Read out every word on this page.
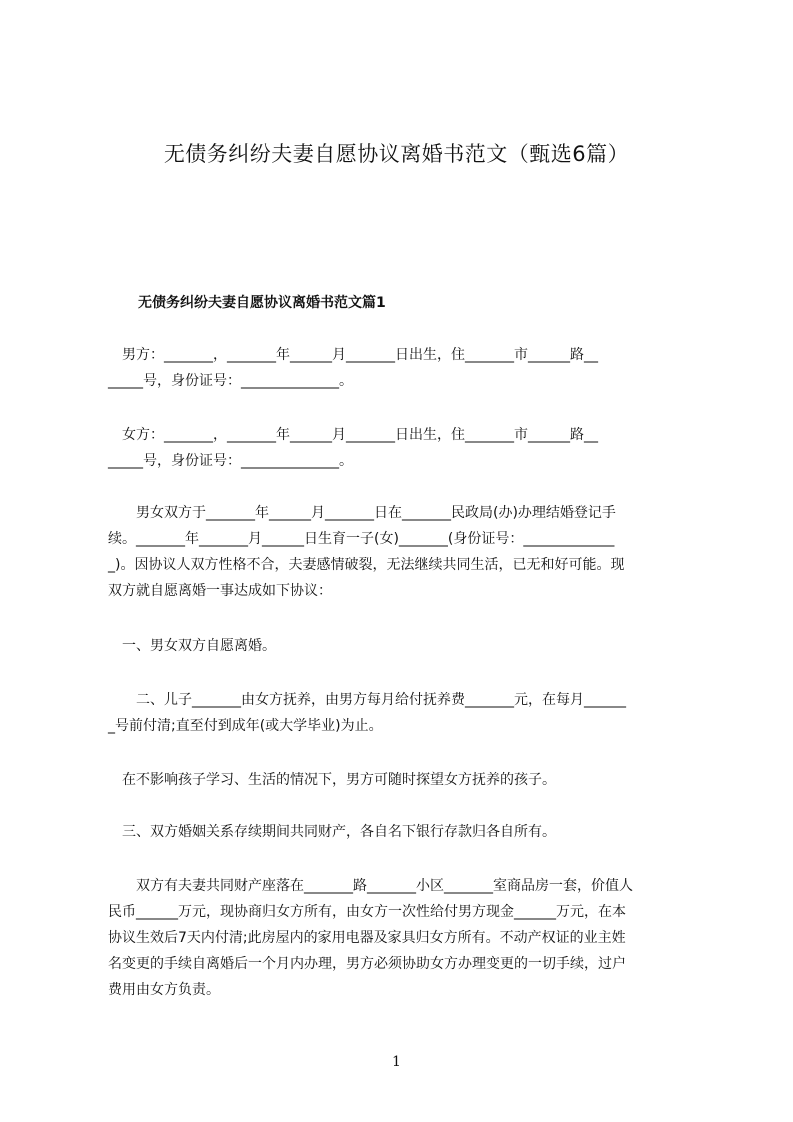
无债务纠纷夫妻自愿协议离婚书范文（甄选6篇）
无债务纠纷夫妻自愿协议离婚书范文篇1
　男方：_______，_______年______月_______日出生，住_______市______路__
_____号，身份证号：______________。
　女方：_______，_______年______月_______日出生，住_______市______路__
_____号，身份证号：______________。
　　男女双方于_______年______月_______日在_______民政局(办)办理结婚登记手
续。_______年_______月______日生育一子(女)_______(身份证号：_____________
_)。因协议人双方性格不合，夫妻感情破裂，无法继续共同生活，已无和好可能。现
双方就自愿离婚一事达成如下协议：
　一、男女双方自愿离婚。
　　二、儿子_______由女方抚养，由男方每月给付抚养费_______元，在每月______
_号前付清;直至付到成年(或大学毕业)为止。
　在不影响孩子学习、生活的情况下，男方可随时探望女方抚养的孩子。
　三、双方婚姻关系存续期间共同财产，各自名下银行存款归各自所有。
　　双方有夫妻共同财产座落在_______路_______小区_______室商品房一套，价值人
民币______万元，现协商归女方所有，由女方一次性给付男方现金______万元，在本
协议生效后7天内付清;此房屋内的家用电器及家具归女方所有。不动产权证的业主姓
名变更的手续自离婚后一个月内办理，男方必须协助女方办理变更的一切手续，过户
费用由女方负责。
1
